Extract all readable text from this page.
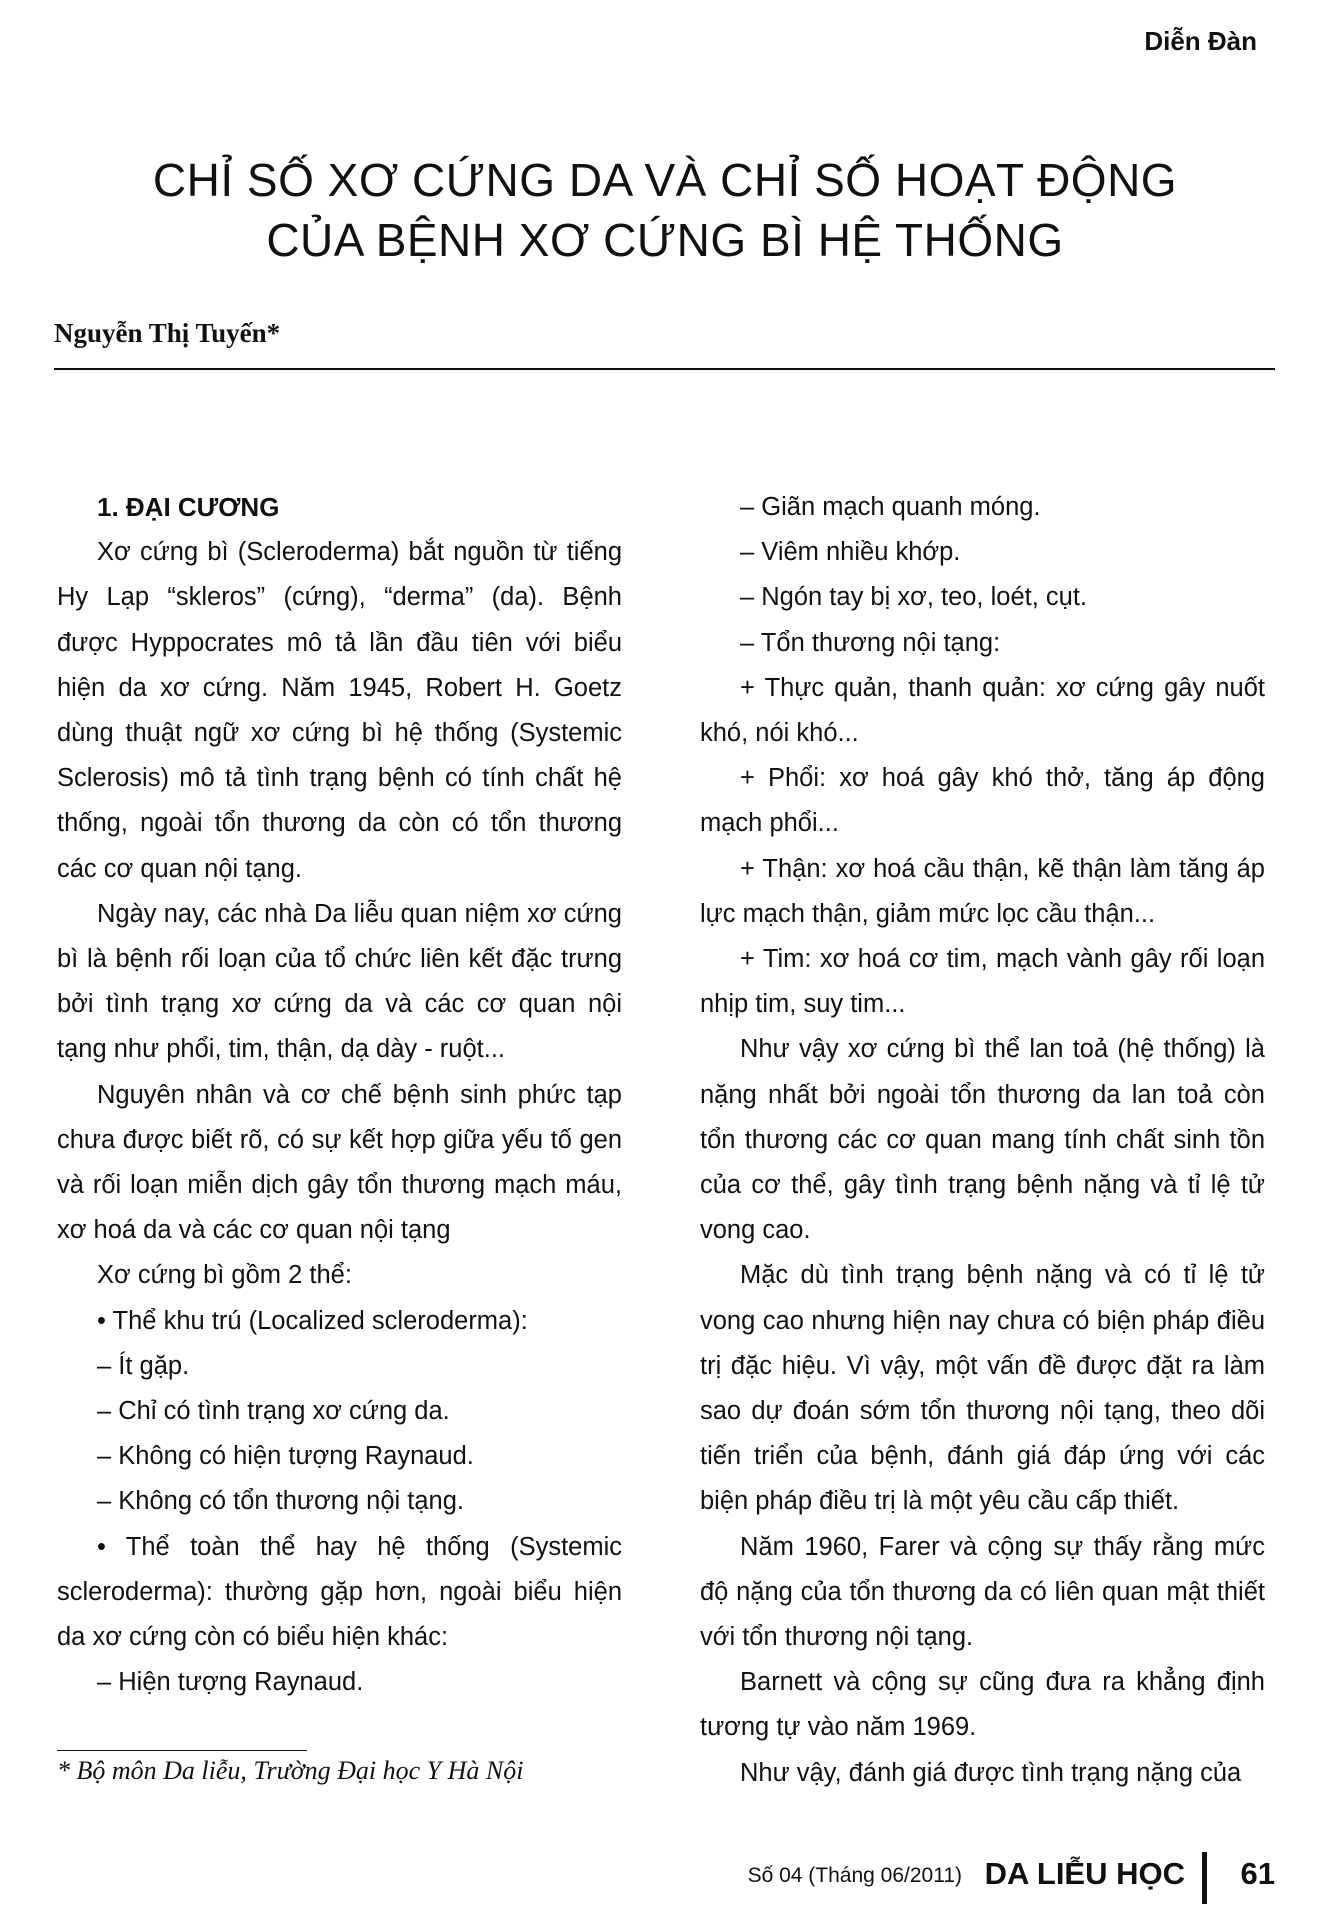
Diễn Đàn
CHỈ SỐ XƠ CỨNG DA VÀ CHỈ SỐ HOẠT ĐỘNG
CỦA BỆNH XƠ CỨNG BÌ HỆ THỐNG
Nguyễn Thị Tuyến*

1. ĐẠI CƯƠNG

Xơ cứng bì (Scleroderma) bắt nguồn từ tiếng Hy Lạp “skleros” (cứng), “derma” (da). Bệnh được Hyppocrates mô tả lần đầu tiên với biểu hiện da xơ cứng. Năm 1945, Robert H. Goetz dùng thuật ngữ xơ cứng bì hệ thống (Systemic Sclerosis) mô tả tình trạng bệnh có tính chất hệ thống, ngoài tổn thương da còn có tổn thương các cơ quan nội tạng.

Ngày nay, các nhà Da liễu quan niệm xơ cứng bì là bệnh rối loạn của tổ chức liên kết đặc trưng bởi tình trạng xơ cứng da và các cơ quan nội tạng như phổi, tim, thận, dạ dày - ruột...

Nguyên nhân và cơ chế bệnh sinh phức tạp chưa được biết rõ, có sự kết hợp giữa yếu tố gen và rối loạn miễn dịch gây tổn thương mạch máu, xơ hoá da và các cơ quan nội tạng

Xơ cứng bì gồm 2 thể:

• Thể khu trú (Localized scleroderma):

– Ít gặp.

– Chỉ có tình trạng xơ cứng da.

– Không có hiện tượng Raynaud.

– Không có tổn thương nội tạng.

• Thể toàn thể hay hệ thống (Systemic scleroderma): thường gặp hơn, ngoài biểu hiện da xơ cứng còn có biểu hiện khác:

– Hiện tượng Raynaud.

* Bộ môn Da liễu, Trường Đại học Y Hà Nội

– Giãn mạch quanh móng.

– Viêm nhiều khớp.

– Ngón tay bị xơ, teo, loét, cụt.

– Tổn thương nội tạng:

+ Thực quản, thanh quản: xơ cứng gây nuốt khó, nói khó...

+ Phổi: xơ hoá gây khó thở, tăng áp động mạch phổi...

+ Thận: xơ hoá cầu thận, kẽ thận làm tăng áp lực mạch thận, giảm mức lọc cầu thận...

+ Tim: xơ hoá cơ tim, mạch vành gây rối loạn nhịp tim, suy tim...

Như vậy xơ cứng bì thể lan toả (hệ thống) là nặng nhất bởi ngoài tổn thương da lan toả còn tổn thương các cơ quan mang tính chất sinh tồn của cơ thể, gây tình trạng bệnh nặng và tỉ lệ tử vong cao.

Mặc dù tình trạng bệnh nặng và có tỉ lệ tử vong cao nhưng hiện nay chưa có biện pháp điều trị đặc hiệu. Vì vậy, một vấn đề được đặt ra làm sao dự đoán sớm tổn thương nội tạng, theo dõi tiến triển của bệnh, đánh giá đáp ứng với các biện pháp điều trị là một yêu cầu cấp thiết.

Năm 1960, Farer và cộng sự thấy rằng mức độ nặng của tổn thương da có liên quan mật thiết với tổn thương nội tạng.

Barnett và cộng sự cũng đưa ra khẳng định tương tự vào năm 1969.

Như vậy, đánh giá được tình trạng nặng của

Số 04 (Tháng 06/2011) DA LIỄU HỌC 61
